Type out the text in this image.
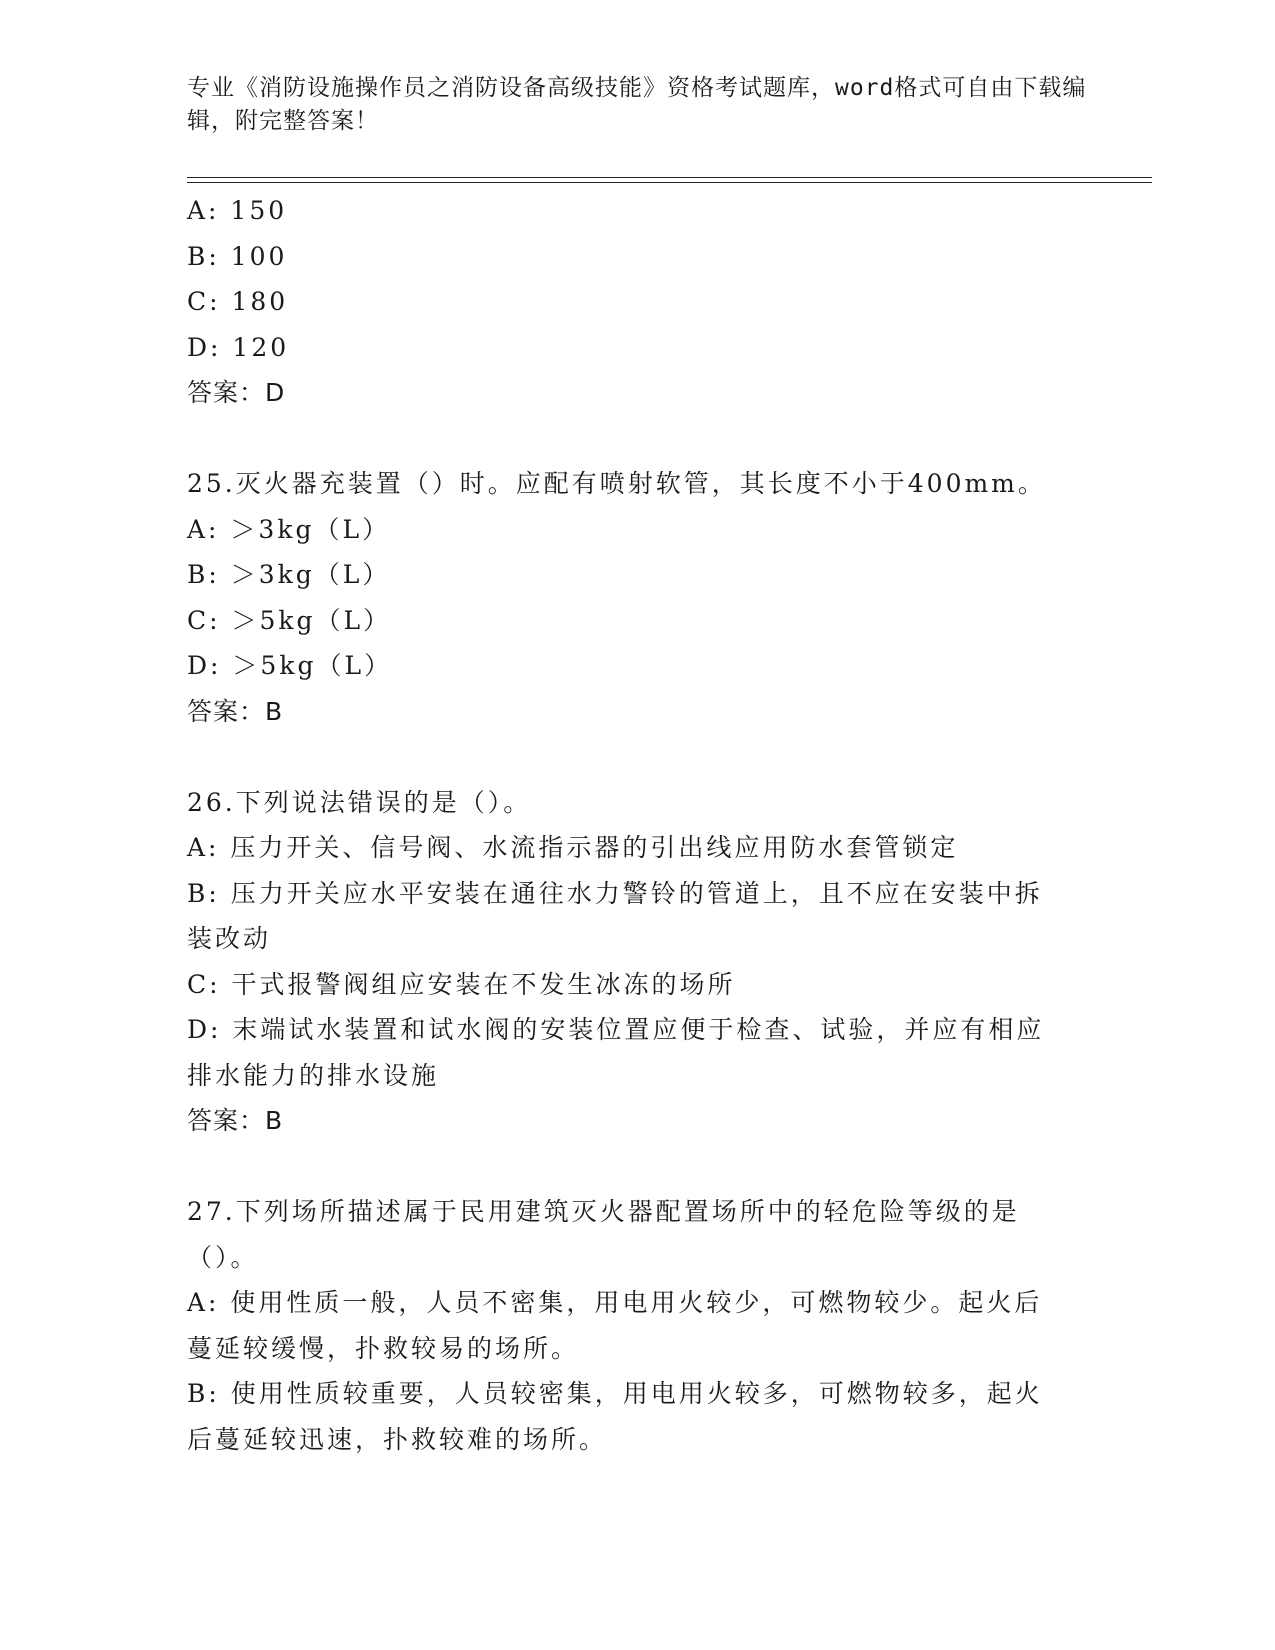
专业《消防设施操作员之消防设备高级技能》资格考试题库，word格式可自由下载编辑，附完整答案！

A: 150

B: 100

C: 180

D: 120

答案：D

25.灭火器充装置（）时。应配有喷射软管，其长度不小于400mm。

A: ＞3kg（L）

B: ＞3kg（L）

C: ＞5kg（L）

D: ＞5kg（L）

答案：B

26.下列说法错误的是（）。

A: 压力开关、信号阀、水流指示器的引出线应用防水套管锁定

B: 压力开关应水平安装在通往水力警铃的管道上，且不应在安装中拆装改动

C: 干式报警阀组应安装在不发生冰冻的场所

D: 末端试水装置和试水阀的安装位置应便于检查、试验，并应有相应排水能力的排水设施

答案：B

27.下列场所描述属于民用建筑灭火器配置场所中的轻危险等级的是（）。

A: 使用性质一般，人员不密集，用电用火较少，可燃物较少。起火后蔓延较缓慢，扑救较易的场所。

B: 使用性质较重要，人员较密集，用电用火较多，可燃物较多，起火后蔓延较迅速，扑救较难的场所。
